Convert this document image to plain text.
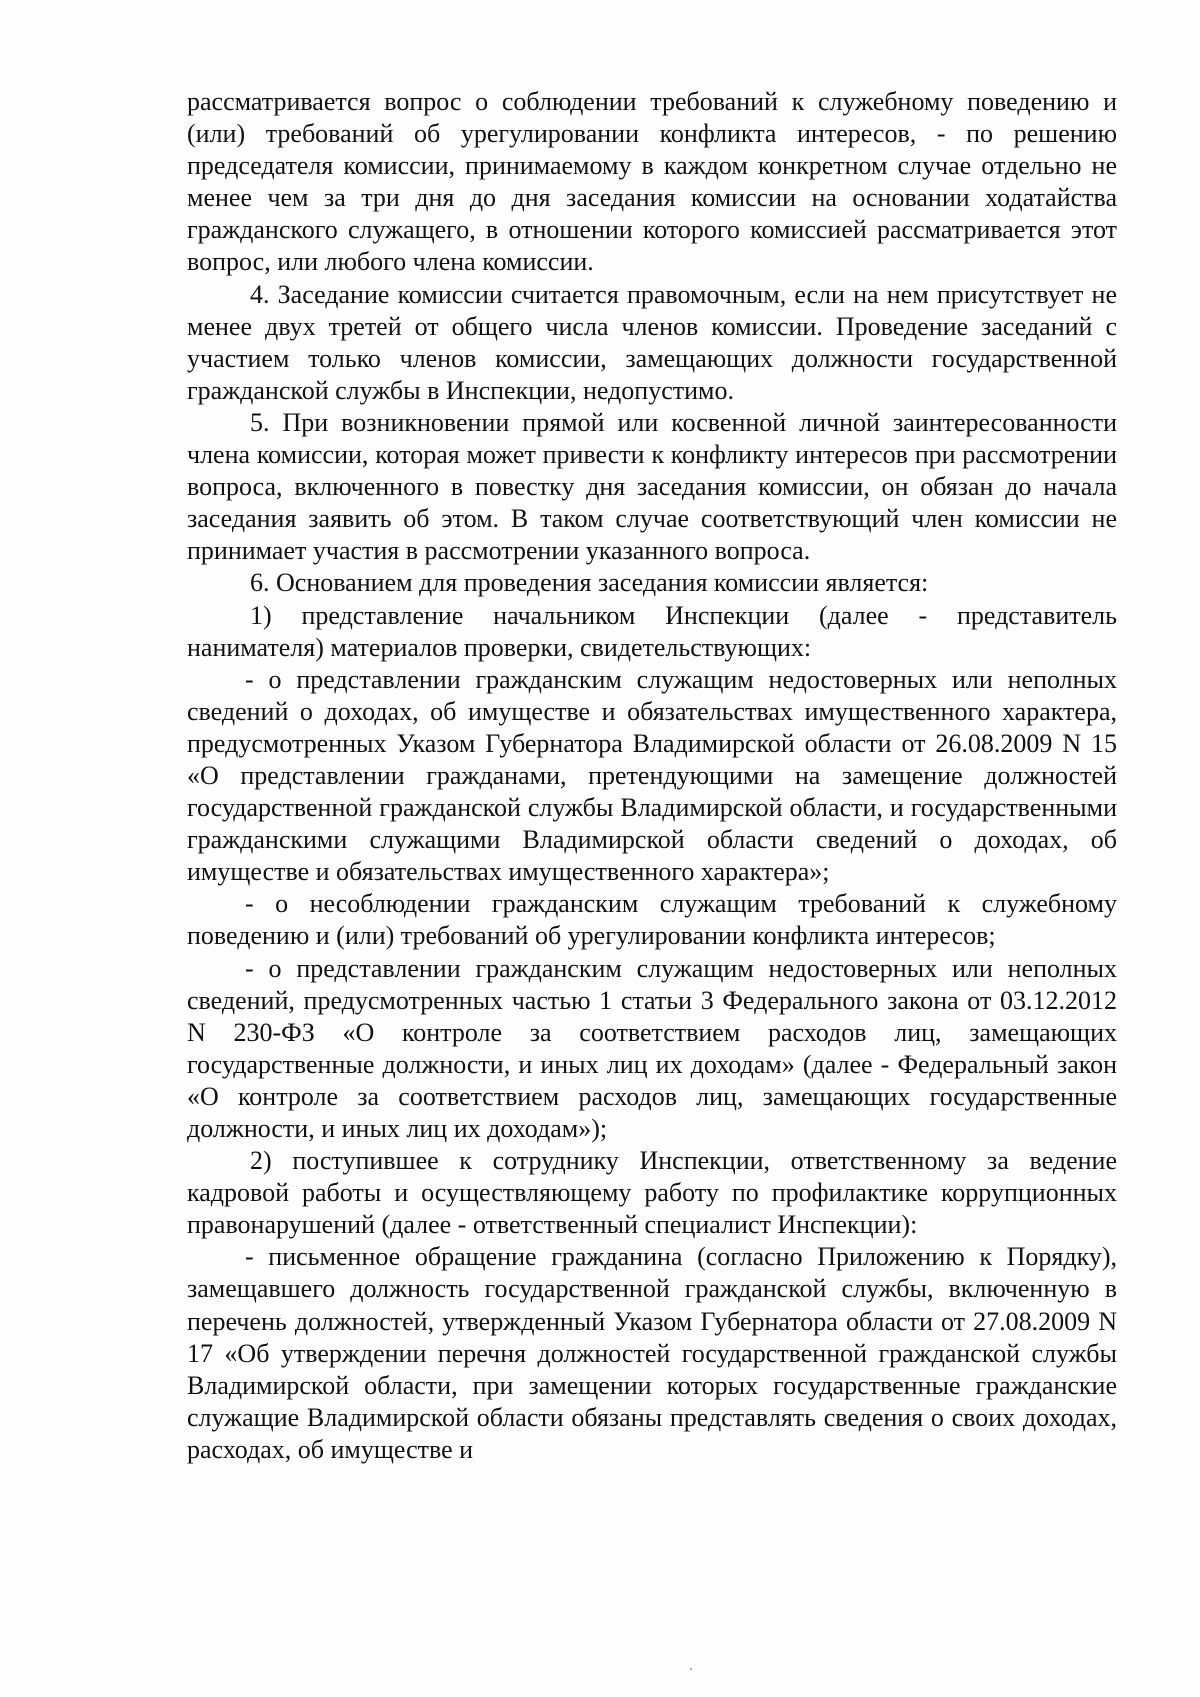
рассматривается вопрос о соблюдении требований к служебному поведению и (или) требований об урегулировании конфликта интересов, - по решению председателя комиссии, принимаемому в каждом конкретном случае отдельно не менее чем за три дня до дня заседания комиссии на основании ходатайства гражданского служащего, в отношении которого комиссией рассматривается этот вопрос, или любого члена комиссии.

4. Заседание комиссии считается правомочным, если на нем присутствует не менее двух третей от общего числа членов комиссии. Проведение заседаний с участием только членов комиссии, замещающих должности государственной гражданской службы в Инспекции, недопустимо.

5. При возникновении прямой или косвенной личной заинтересованности члена комиссии, которая может привести к конфликту интересов при рассмотрении вопроса, включенного в повестку дня заседания комиссии, он обязан до начала заседания заявить об этом. В таком случае соответствующий член комиссии не принимает участия в рассмотрении указанного вопроса.

6. Основанием для проведения заседания комиссии является:

1) представление начальником Инспекции (далее - представитель нанимателя) материалов проверки, свидетельствующих:

- о представлении гражданским служащим недостоверных или неполных сведений о доходах, об имуществе и обязательствах имущественного характера, предусмотренных Указом Губернатора Владимирской области от 26.08.2009 N 15 «О представлении гражданами, претендующими на замещение должностей государственной гражданской службы Владимирской области, и государственными гражданскими служащими Владимирской области сведений о доходах, об имуществе и обязательствах имущественного характера»;

- о несоблюдении гражданским служащим требований к служебному поведению и (или) требований об урегулировании конфликта интересов;

- о представлении гражданским служащим недостоверных или неполных сведений, предусмотренных частью 1 статьи 3 Федерального закона от 03.12.2012 N 230-ФЗ «О контроле за соответствием расходов лиц, замещающих государственные должности, и иных лиц их доходам» (далее - Федеральный закон «О контроле за соответствием расходов лиц, замещающих государственные должности, и иных лиц их доходам»);

2) поступившее к сотруднику Инспекции, ответственному за ведение кадровой работы и осуществляющему работу по профилактике коррупционных правонарушений (далее - ответственный специалист Инспекции):

- письменное обращение гражданина (согласно Приложению к Порядку), замещавшего должность государственной гражданской службы, включенную в перечень должностей, утвержденный Указом Губернатора области от 27.08.2009 N 17 «Об утверждении перечня должностей государственной гражданской службы Владимирской области, при замещении которых государственные гражданские служащие Владимирской области обязаны представлять сведения о своих доходах, расходах, об имуществе и
